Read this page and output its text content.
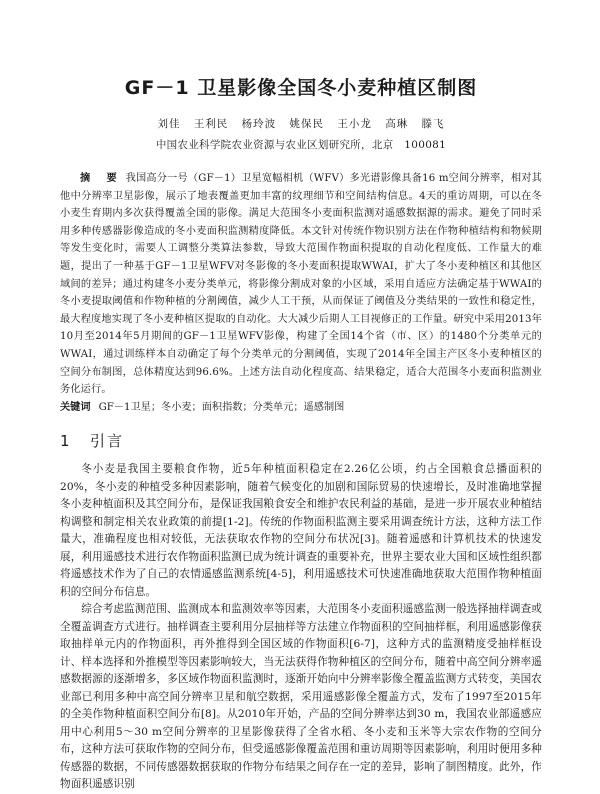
GF－1 卫星影像全国冬小麦种植区制图
刘佳 王利民 杨玲波 姚保民 王小龙 高琳 滕飞
中国农业科学院农业资源与农业区划研究所，北京　100081
摘　要 我国高分一号（GF－1）卫星宽幅相机（WFV）多光谱影像具备16 m空间分辨率，相对其他中分辨率卫星影像，展示了地表覆盖更加丰富的纹理细节和空间结构信息。4天的重访周期，可以在冬小麦生育期内多次获得覆盖全国的影像。满足大范围冬小麦面积监测对遥感数据源的需求。避免了同时采用多种传感器影像造成的冬小麦面积监测精度降低。本文针对传统作物识别方法在作物种植结构和物候期等发生变化时，需要人工调整分类算法参数，导致大范围作物面积提取的自动化程度低、工作量大的难题，提出了一种基于GF－1卫星WFV对冬影像的冬小麦面积提取WWAI，扩大了冬小麦种植区和其他区域间的差异；通过构建冬小麦分类单元，将影像分割成对象的小区域，采用自适应方法确定基于WWAI的冬小麦提取阈值和作物种植的分割阈值，减少人工干预，从而保证了阈值及分类结果的一致性和稳定性，最大程度地实现了冬小麦种植区提取的自动化。大大减少后期人工目视修正的工作量。研究中采用2013年10月至2014年5月期间的GF－1卫星WFV影像，构建了全国14个省（市、区）的1480个分类单元的WWAI，通过训练样本自动确定了每个分类单元的分割阈值，实现了2014年全国主产区冬小麦种植区的空间分布制图，总体精度达到96.6%。上述方法自动化程度高、结果稳定，适合大范围冬小麦面积监测业务化运行。
关键词 GF－1卫星；冬小麦；面积指数；分类单元；遥感制图
1	引言

冬小麦是我国主要粮食作物，近5年种植面积稳定在2.26亿公顷，约占全国粮食总播面积的20%，冬小麦的种植受多种因素影响，随着气候变化的加剧和国际贸易的快速增长，及时准确地掌握冬小麦种植面积及其空间分布，是保证我国粮食安全和维护农民利益的基础，是进一步开展农业种植结构调整和制定相关农业政策的前提[1-2]。传统的作物面积监测主要采用调查统计方法，这种方法工作量大，准确程度也相对较低，无法获取农作物的空间分布状况[3]。随着遥感和计算机技术的快速发展，利用遥感技术进行农作物面积监测已成为统计调查的重要补充，世界主要农业大国和区域性组织都将遥感技术作为了自己的农情遥感监测系统[4-5]，利用遥感技术可快速准确地获取大范围作物种植面积的空间分布信息。

综合考虑监测范围、监测成本和监测效率等因素，大范围冬小麦面积遥感监测一般选择抽样调查或全覆盖调查方式进行。抽样调查主要利用分层抽样等方法建立作物面积的空间抽样框，利用遥感影像获取抽样单元内的作物面积，再外推得到全国区域的作物面积[6-7]，这种方式的监测精度受抽样框设计、样本选择和外推模型等因素影响较大，当无法获得作物种植区的空间分布，随着中高空间分辨率遥感数据源的逐渐增多，多区域作物面积监测时，逐渐开始向中分辨率影像全覆盖监测方式转变，美国农业部已利用多种中高空间分辨率卫星和航空数据，采用遥感影像全覆盖方式，发布了1997至2015年的全美作物种植面积空间分布[8]。从2010年开始，产品的空间分辨率达到30 m，我国农业部遥感应用中心利用5～30 m空间分辨率的卫星影像获得了全省水稻、冬小麦和玉米等大宗农作物的空间分布，这种方法可获取作物的空间分布，但受遥感影像覆盖范围和重访周期等因素影响，利用时便用多种传感器的数据，不同传感器数据获取的作物分布结果之间存在一定的差异，影响了制图精度。此外，作物面积遥感识别
